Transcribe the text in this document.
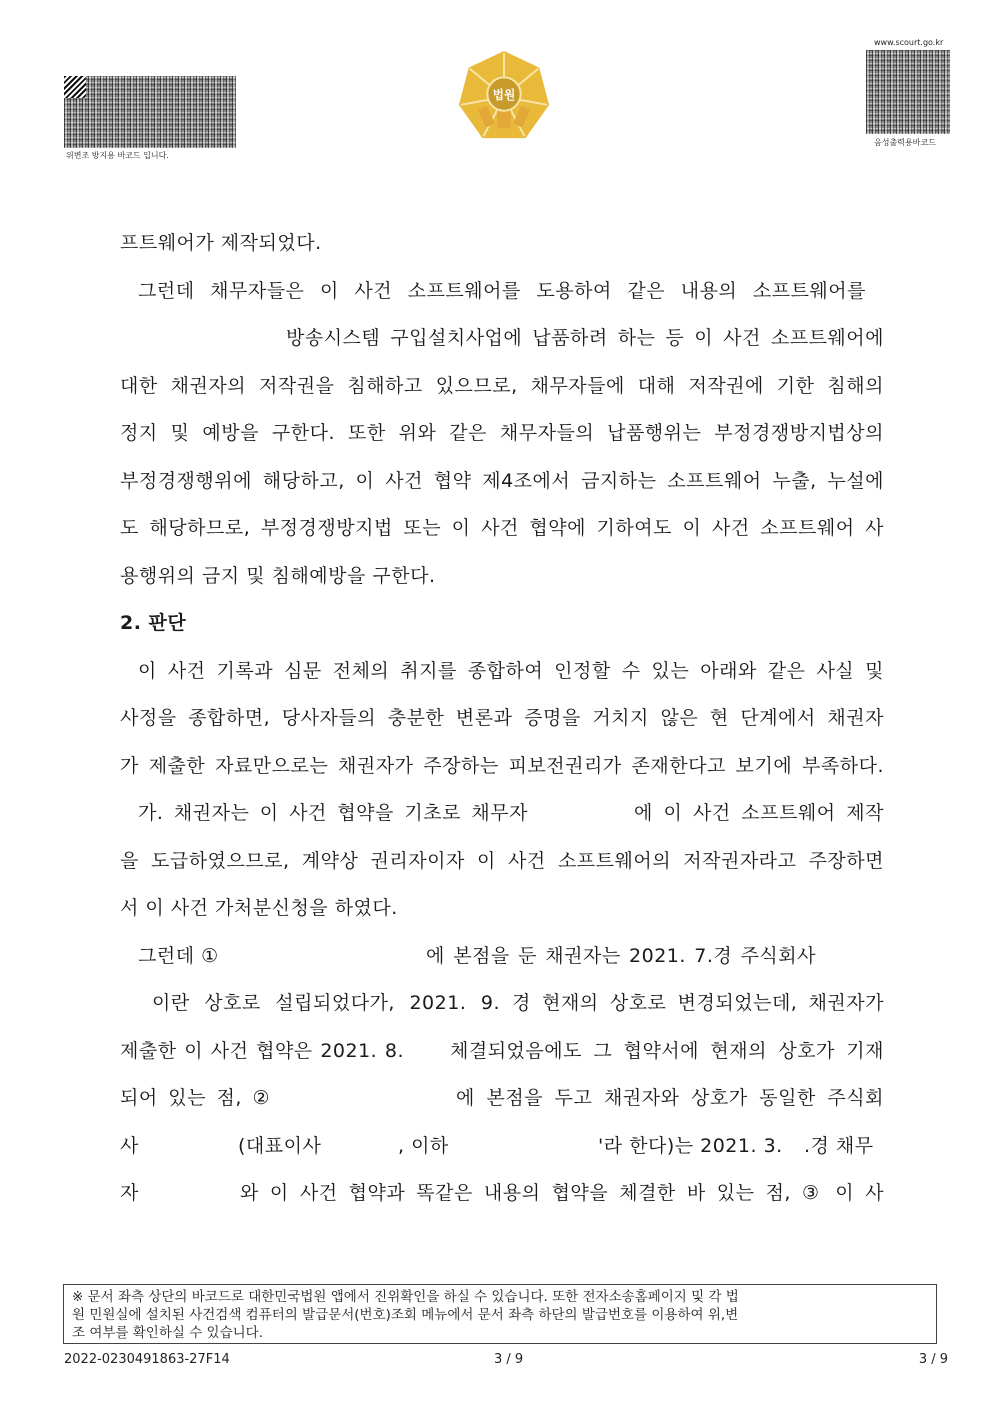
위변조 방지용 바코드 입니다.
법원
www.scourt.go.kr
음성출력용바코드
프트웨어가 제작되었다.
그런데 채무자들은 이 사건 소프트웨어를 도용하여 같은 내용의 소프트웨어를
방송시스템 구입설치사업에 납품하려 하는 등 이 사건 소프트웨어에
대한 채권자의 저작권을 침해하고 있으므로, 채무자들에 대해 저작권에 기한 침해의
정지 및 예방을 구한다. 또한 위와 같은 채무자들의 납품행위는 부정경쟁방지법상의
부정경쟁행위에 해당하고, 이 사건 협약 제4조에서 금지하는 소프트웨어 누출, 누설에
도 해당하므로, 부정경쟁방지법 또는 이 사건 협약에 기하여도 이 사건 소프트웨어 사
용행위의 금지 및 침해예방을 구한다.
2. 판단
이 사건 기록과 심문 전체의 취지를 종합하여 인정할 수 있는 아래와 같은 사실 및
사정을 종합하면, 당사자들의 충분한 변론과 증명을 거치지 않은 현 단계에서 채권자
가 제출한 자료만으로는 채권자가 주장하는 피보전권리가 존재한다고 보기에 부족하다.
가. 채권자는 이 사건 협약을 기초로 채무자	에 이 사건 소프트웨어 제작
을 도급하였으므로, 계약상 권리자이자 이 사건 소프트웨어의 저작권자라고 주장하면
서 이 사건 가처분신청을 하였다.
그런데 ①	에 본점을 둔 채권자는 2021. 7.경 주식회사
이란 상호로 설립되었다가, 2021. 9. 경 현재의 상호로 변경되었는데, 채권자가
제출한 이 사건 협약은 2021. 8. 체결되었음에도 그 협약서에 현재의 상호가 기재
되어 있는 점, ②	에 본점을 두고 채권자와 상호가 동일한 주식회
사	(대표이사	, 이하	'라 한다)는 2021. 3.	.경 채무
자	와 이 사건 협약과 똑같은 내용의 협약을 체결한 바 있는 점, ③ 이 사
※ 문서 좌측 상단의 바코드로 대한민국법원 앱에서 진위확인을 하실 수 있습니다. 또한 전자소송홈페이지 및 각 법
원 민원실에 설치된 사건검색 컴퓨터의 발급문서(번호)조회 메뉴에서 문서 좌측 하단의 발급번호를 이용하여 위,변
조 여부를 확인하실 수 있습니다.
2022-0230491863-27F14	3 / 9	3 / 9
